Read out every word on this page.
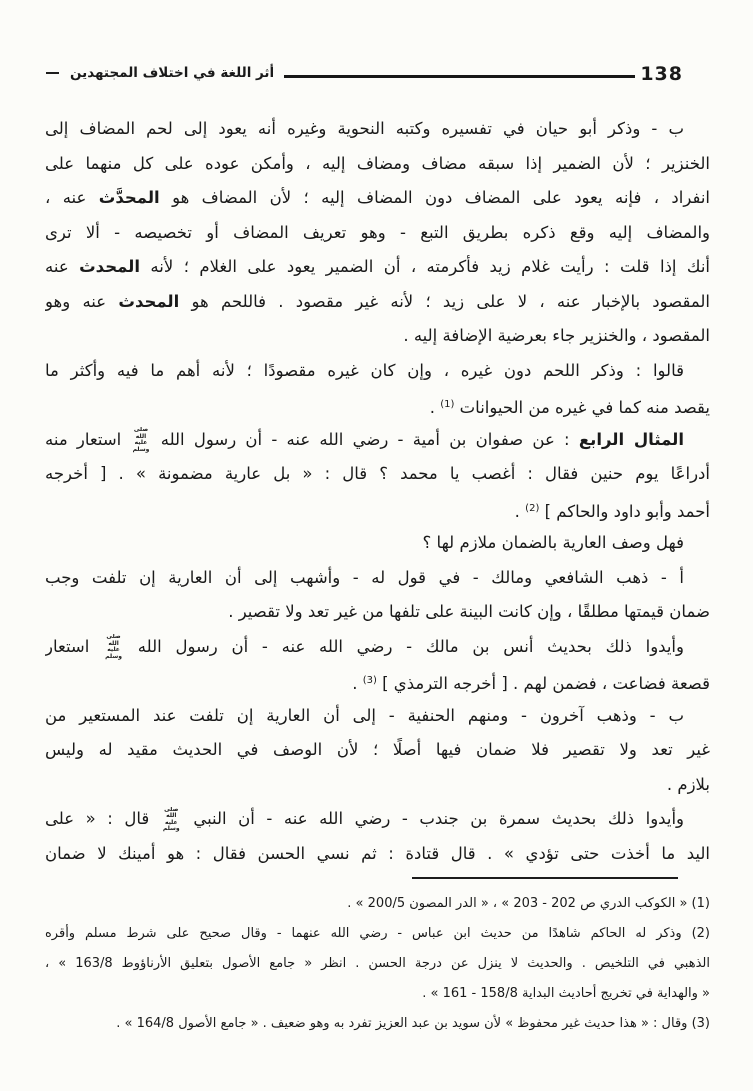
أثر اللغة في اختلاف المجتهدين	138
ب - وذكر أبو حيان في تفسيره وكتبه النحوية وغيره أنه يعود إلى لحم المضاف إلى
الخنزير ؛ لأن الضمير إذا سبقه مضاف ومضاف إليه ، وأمكن عوده على كل منهما على
انفراد ، فإنه يعود على المضاف دون المضاف إليه ؛ لأن المضاف هو المحدَّث عنه ،
والمضاف إليه وقع ذكره بطريق التبع - وهو تعريف المضاف أو تخصيصه - ألا ترى
أنك إذا قلت : رأيت غلام زيد فأكرمته ، أن الضمير يعود على الغلام ؛ لأنه المحدث عنه
المقصود بالإخبار عنه ، لا على زيد ؛ لأنه غير مقصود . فاللحم هو المحدث عنه وهو
المقصود ، والخنزير جاء بعرضية الإضافة إليه .
قالوا : وذكر اللحم دون غيره ، وإن كان غيره مقصودًا ؛ لأنه أهم ما فيه وأكثر ما
يقصد منه كما في غيره من الحيوانات $^{(1)}$ .
المثال الرابع : عن صفوان بن أمية - رضي الله عنه - أن رسول الله صلى الله عليه وسلم استعار منه
أدراعًا يوم حنين فقال : أغصب يا محمد ؟ قال : « بل عارية مضمونة » . [ أخرجه
أحمد وأبو داود والحاكم ] $^{(2)}$ .
فهل وصف العارية بالضمان ملازم لها ؟
أ - ذهب الشافعي ومالك - في قول له - وأشهب إلى أن العارية إن تلفت وجب
ضمان قيمتها مطلقًا ، وإن كانت البينة على تلفها من غير تعد ولا تقصير .
وأيدوا ذلك بحديث أنس بن مالك - رضي الله عنه - أن رسول الله صلى الله عليه وسلم استعار
قصعة فضاعت ، فضمن لهم . [ أخرجه الترمذي ] $^{(3)}$ .
ب - وذهب آخرون - ومنهم الحنفية - إلى أن العارية إن تلفت عند المستعير من
غير تعد ولا تقصير فلا ضمان فيها أصلًا ؛ لأن الوصف في الحديث مقيد له وليس
بلازم .
وأيدوا ذلك بحديث سمرة بن جندب - رضي الله عنه - أن النبي صلى الله عليه وسلم قال : « على
اليد ما أخذت حتى تؤدي » . قال قتادة : ثم نسي الحسن فقال : هو أمينك لا ضمان
(1) « الكوكب الدري ص 202 - 203 » ، « الدر المصون 200/5 » .
(2) وذكر له الحاكم شاهدًا من حديث ابن عباس - رضي الله عنهما - وقال صحيح على شرط مسلم وأقره
الذهبي في التلخيص . والحديث لا ينزل عن درجة الحسن . انظر « جامع الأصول بتعليق الأرناؤوط 163/8 » ،
« والهداية في تخريج أحاديث البداية 158/8 - 161 » .
(3) وقال : « هذا حديث غير محفوظ » لأن سويد بن عبد العزيز تفرد به وهو ضعيف . « جامع الأصول 164/8 » .
